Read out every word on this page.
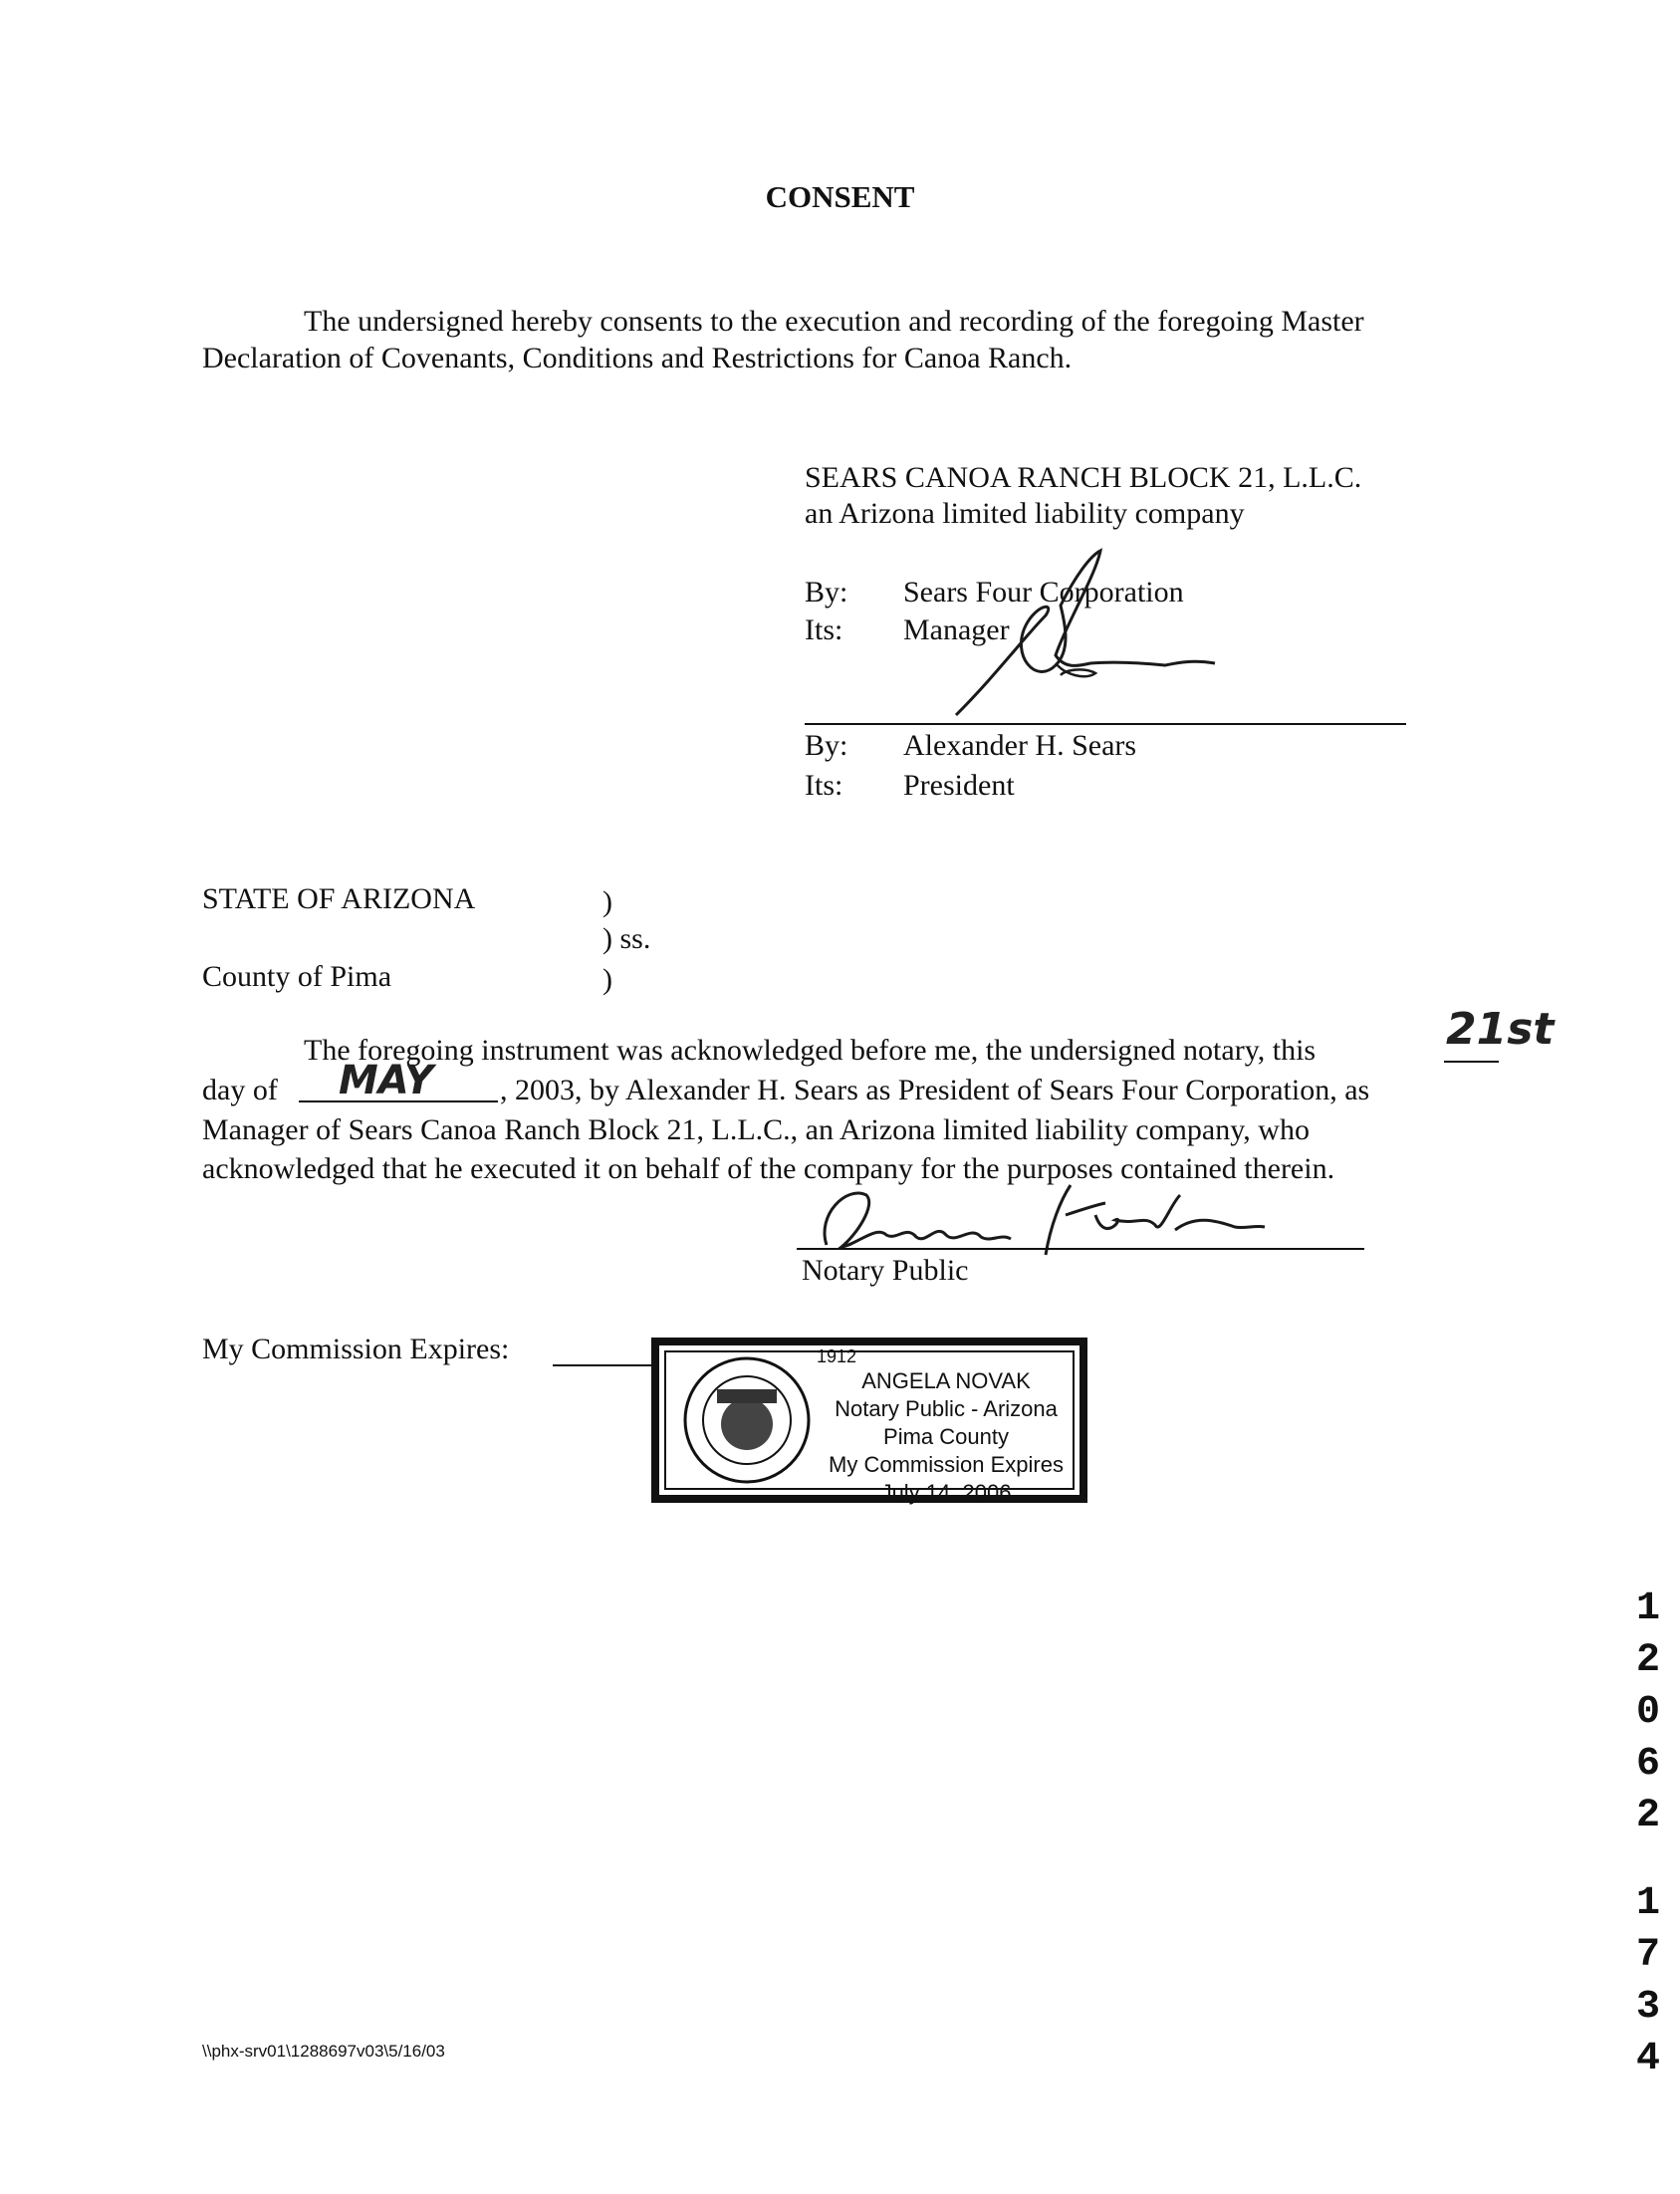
CONSENT
The undersigned hereby consents to the execution and recording of the foregoing Master
Declaration of Covenants, Conditions and Restrictions for Canoa Ranch.
SEARS CANOA RANCH BLOCK 21, L.L.C.
an Arizona limited liability company
By: Sears Four Corporation
Its: Manager
By: Alexander H. Sears
Its: President
STATE OF ARIZONA	)
) ss.
County of Pima	)
The foregoing instrument was acknowledged before me, the undersigned notary, this	21st
day of MAY , 2003, by Alexander H. Sears as President of Sears Four Corporation, as
Manager of Sears Canoa Ranch Block 21, L.L.C., an Arizona limited liability company, who
acknowledged that he executed it on behalf of the company for the purposes contained therein.
Notary Public
My Commission Expires:	1912
ANGELA NOVAK
Notary Public - Arizona
Pima County
My Commission Expires
July 14, 2006
1
2
0
6
2
1
7
3
4
\\phx-srv01\1288697v03\5/16/03
